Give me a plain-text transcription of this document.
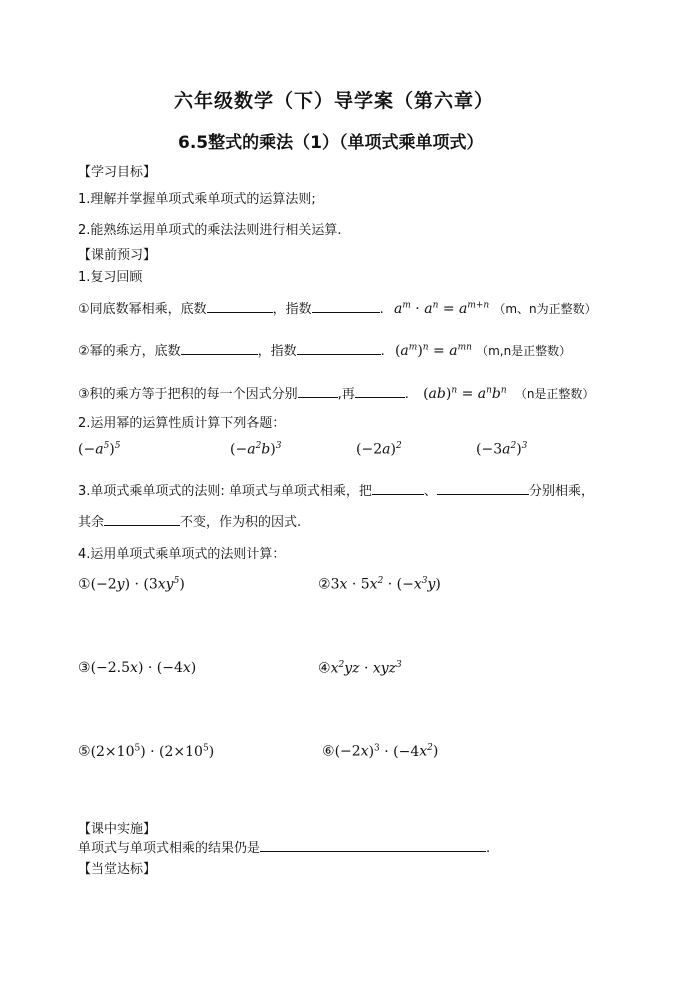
六年级数学（下）导学案（第六章）
6.5整式的乘法（1）（单项式乘单项式）
【学习目标】
1.理解并掌握单项式乘单项式的运算法则;
2.能熟练运用单项式的乘法法则进行相关运算.
【课前预习】
1.复习回顾
①同底数幂相乘，底数	，指数	. $a^m \cdot a^n = a^{m+n}$ （m、n为正整数）
②幂的乘方，底数	，指数	. $(a^m)^n = a^{mn}$ （m,n是正整数）
③积的乘方等于把积的每一个因式分别	,再	. $(ab)^n = a^nb^n$ （n是正整数）
2.运用幂的运算性质计算下列各题：
$(-a^5)^5$	$(-a^2b)^3$	$(-2a)^2$	$(-3a^2)^3$
3.单项式乘单项式的法则: 单项式与单项式相乘，把	、	分别相乘，
其余	不变，作为积的因式.
4.运用单项式乘单项式的法则计算：
①(−2y) · $(3xy^5)$	②3x · $5x^2 \cdot (-x^3y)$
③(−2.5x) · (−4x)	$④x^2yz \cdot xyz^3$
$⑤(2\times 10^5) \cdot (2\times 10^5)$	$⑥(-2x)^3 \cdot (-4x^2)$
【课中实施】
单项式与单项式相乘的结果仍是	.
【当堂达标】
